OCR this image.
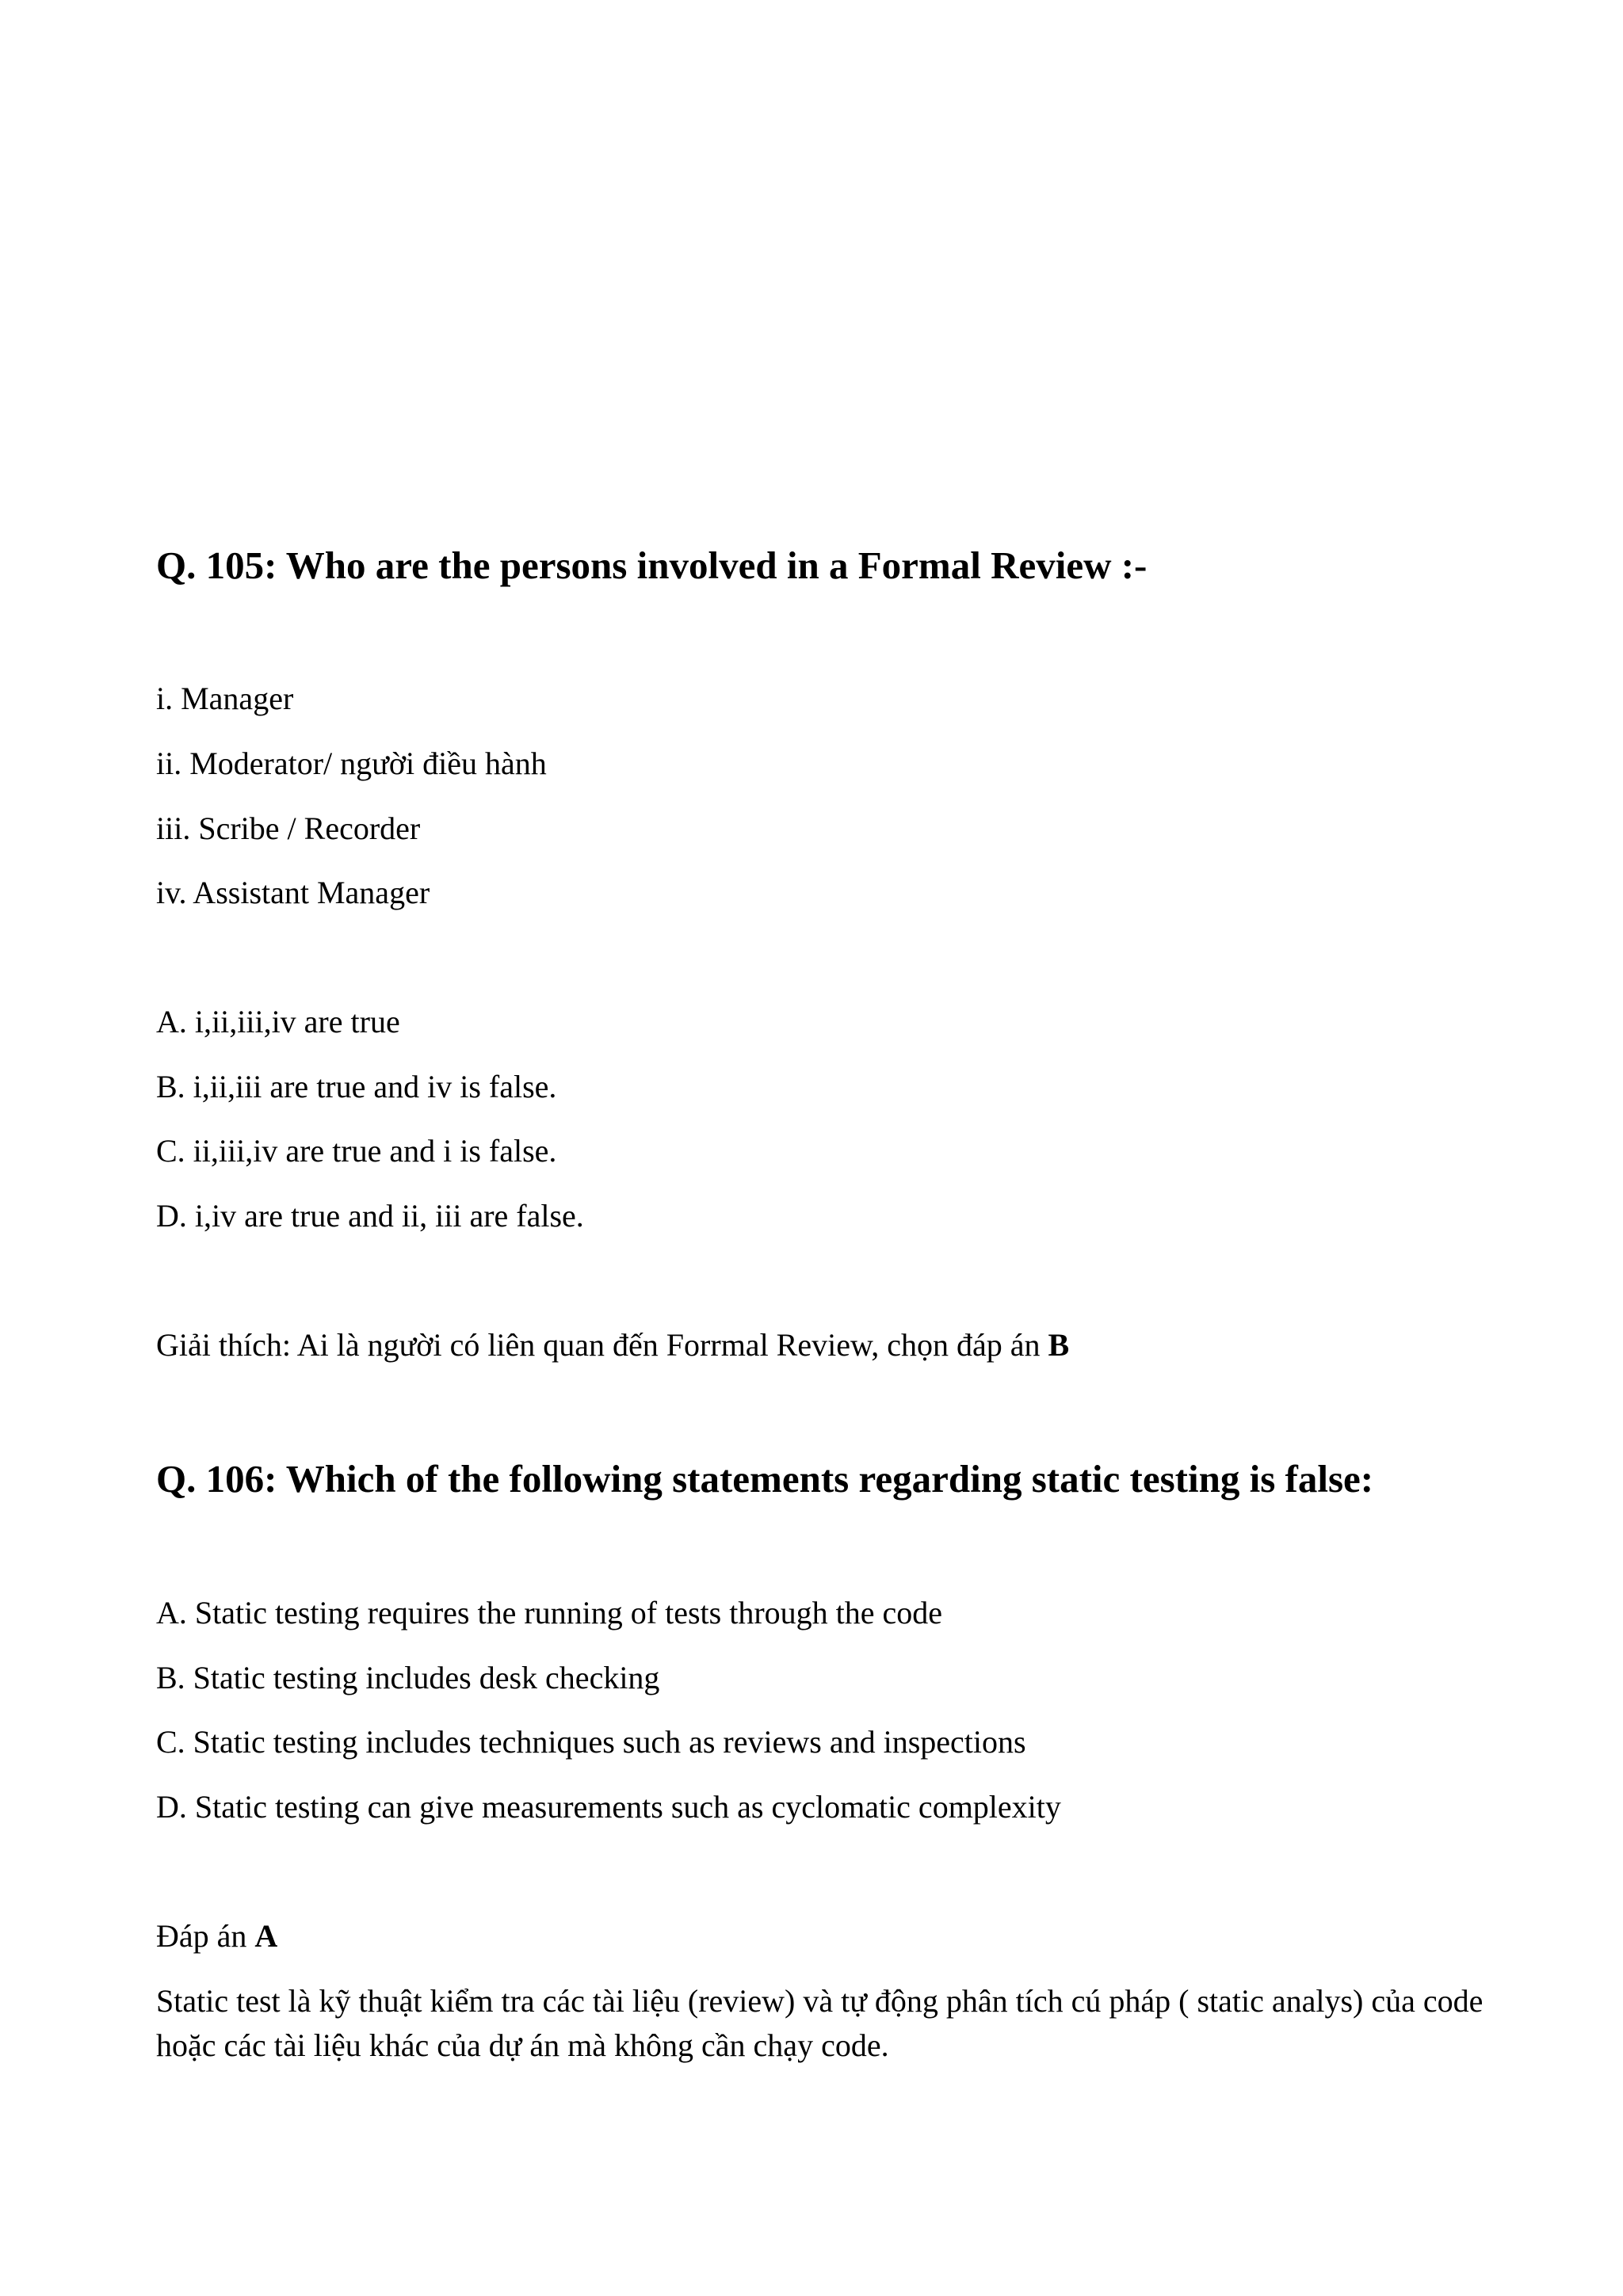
Q. 105: Who are the persons involved in a Formal Review :-
i. Manager
ii. Moderator/ người điều hành
iii. Scribe / Recorder
iv. Assistant Manager
A. i,ii,iii,iv are true
B. i,ii,iii are true and iv is false.
C. ii,iii,iv are true and i is false.
D. i,iv are true and ii, iii are false.
Giải thích: Ai là người có liên quan đến Forrmal Review, chọn đáp án B
Q. 106: Which of the following statements regarding static testing is false:
A. Static testing requires the running of tests through the code
B. Static testing includes desk checking
C. Static testing includes techniques such as reviews and inspections
D. Static testing can give measurements such as cyclomatic complexity
Đáp án A
Static test là kỹ thuật kiểm tra các tài liệu (review) và tự động phân tích cú pháp ( static analys) của code hoặc các tài liệu khác của dự án mà không cần chạy code.
